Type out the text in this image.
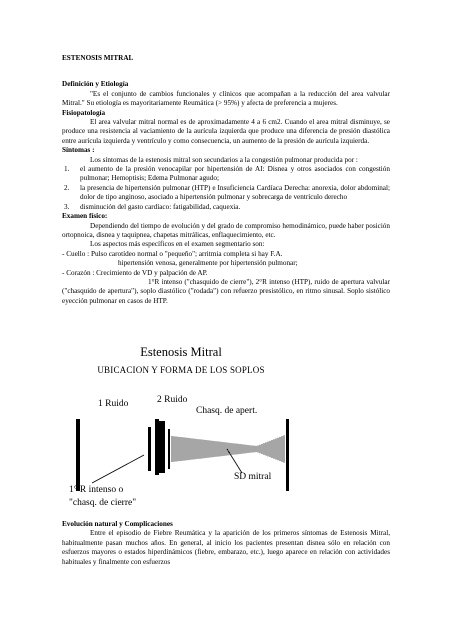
ESTENOSIS MITRAL
Definición y Etiología
"Es el conjunto de cambios funcionales y clínicos que acompañan a la reducción del area valvular Mitral." Su etiología es mayoritariamente Reumática (> 95%) y afecta de preferencia a mujeres.
Fisiopatología
El area valvular mitral normal es de aproximadamente 4 a 6 cm2. Cuando el area mitral disminuye, se produce una resistencia al vaciamiento de la aurícula izquierda que produce una diferencia de presión diastólica entre aurícula izquierda y ventrículo y como consecuencia, un aumento de la presión de aurícula izquierda.
Síntomas :
Los síntomas de la estenosis mitral son secundarios a la congestión pulmonar producida por :
1.	el aumento de la presión venocapilar por hipertensión de AI: Disnea y otros asociados con congestión pulmonar; Hemoptisis; Edema Pulmonar agudo;
2.	la presencia de hipertensión pulmonar (HTP) e Insuficiencia Cardíaca Derecha: anorexia, dolor abdominal; dolor de tipo anginoso, asociado a hipertensión pulmonar y sobrecarga de ventrículo derecho
3.	disminución del gasto cardíaco: fatigabilidad, caquexia.
Examen físico:
Dependiendo del tiempo de evolución y del grado de compromiso hemodinámico, puede haber posición ortopnoica, disnea y taquipnea, chapetas mitrálicas, enflaquecimiento, etc.
Los aspectos más específicos en el examen segmentario son:
- Cuello : Pulso carotídeo normal o "pequeño"; arritmia completa si hay F.A.
hipertensión venosa, generalmente por hipertensión pulmonar;
- Corazón : Crecimiento de VD y palpación de AP.
1°R intenso ("chasquido de cierre"), 2°R intenso (HTP), ruido de apertura valvular ("chasquido de apertura"), soplo diastólico ("rodada") con refuerzo presistólico, en ritmo sinusal. Soplo sistólico eyección pulmonar en casos de HTP.
Estenosis Mitral
UBICACION Y FORMA DE LOS SOPLOS
1 Ruido	2 Ruido
Chasq. de apert.
1° R intenso o
"chasq. de cierre"
SD mitral
Evolución natural y Complicaciones
Entre el episodio de Fiebre Reumática y la aparición de los primeros síntomas de Estenosis Mitral, habitualmente pasan muchos años. En general, al inicio los pacientes presentan disnea sólo en relación con esfuerzos mayores o estados hiperdinámicos (fiebre, embarazo, etc.), luego aparece en relación con actividades habituales y finalmente con esfuerzos
